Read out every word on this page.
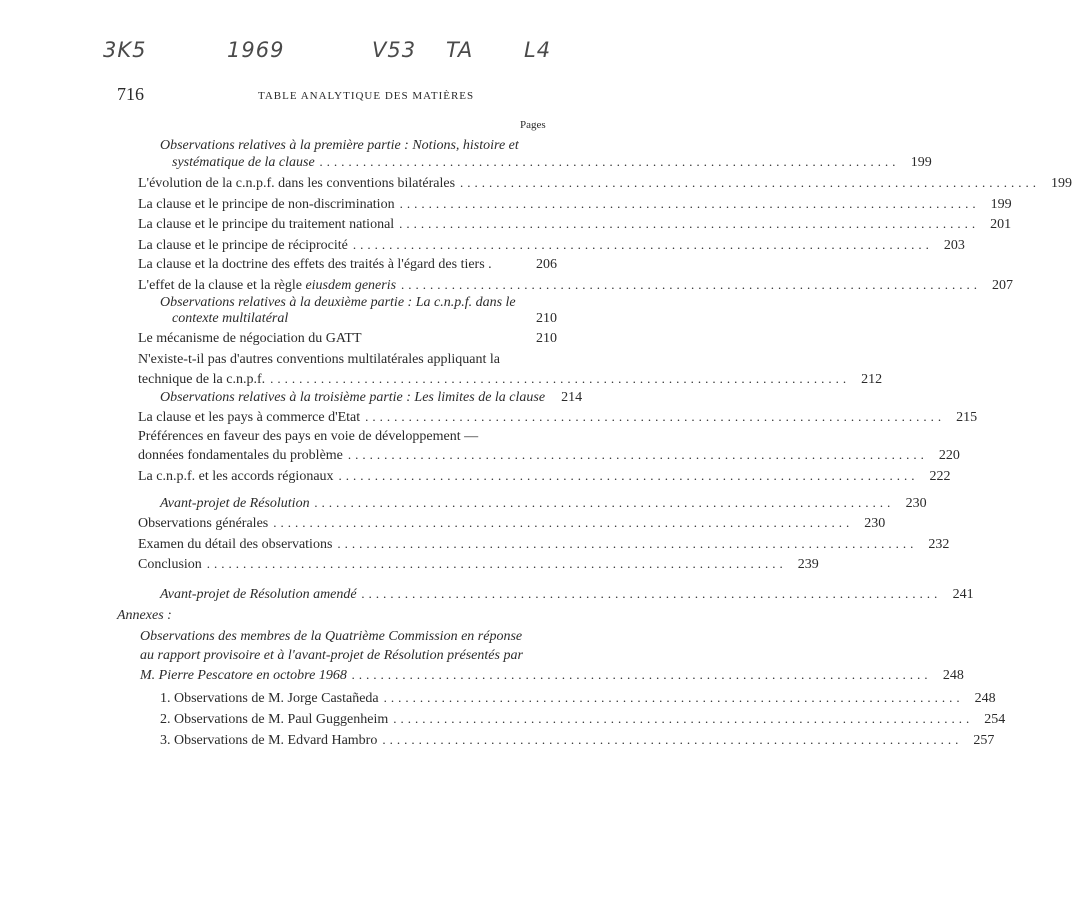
3K5	1969	V53 TA L4
716	TABLE ANALYTIQUE DES MATIÈRES
Pages
Observations relatives à la première partie : Notions, histoire et
systématique de la clause ................................................................................ 199
L'évolution de la c.n.p.f. dans les conventions bilatérales ................................................................................ 199
La clause et le principe de non-discrimination ................................................................................ 199
La clause et le principe du traitement national ................................................................................ 201
La clause et le principe de réciprocité ................................................................................ 203
La clause et la doctrine des effets des traités à l'égard des tiers .	206
L'effet de la clause et la règle eiusdem generis ................................................................................ 207
Observations relatives à la deuxième partie : La c.n.p.f. dans le
contexte multilatéral	210
Le mécanisme de négociation du GATT	210
N'existe-t-il pas d'autres conventions multilatérales appliquant la
technique de la c.n.p.f. ................................................................................ 212
Observations relatives à la troisième partie : Les limites de la clause	214
La clause et les pays à commerce d'Etat ................................................................................ 215
Préférences en faveur des pays en voie de développement —
données fondamentales du problème ................................................................................ 220
La c.n.p.f. et les accords régionaux ................................................................................ 222
Avant-projet de Résolution ................................................................................ 230
Observations générales ................................................................................ 230
Examen du détail des observations ................................................................................ 232
Conclusion ................................................................................ 239
Avant-projet de Résolution amendé ................................................................................ 241
Annexes :
Observations des membres de la Quatrième Commission en réponse
au rapport provisoire et à l'avant-projet de Résolution présentés par
M. Pierre Pescatore en octobre 1968 ................................................................................ 248
1. Observations de M. Jorge Castañeda ................................................................................ 248
2. Observations de M. Paul Guggenheim ................................................................................ 254
3. Observations de M. Edvard Hambro ................................................................................ 257
